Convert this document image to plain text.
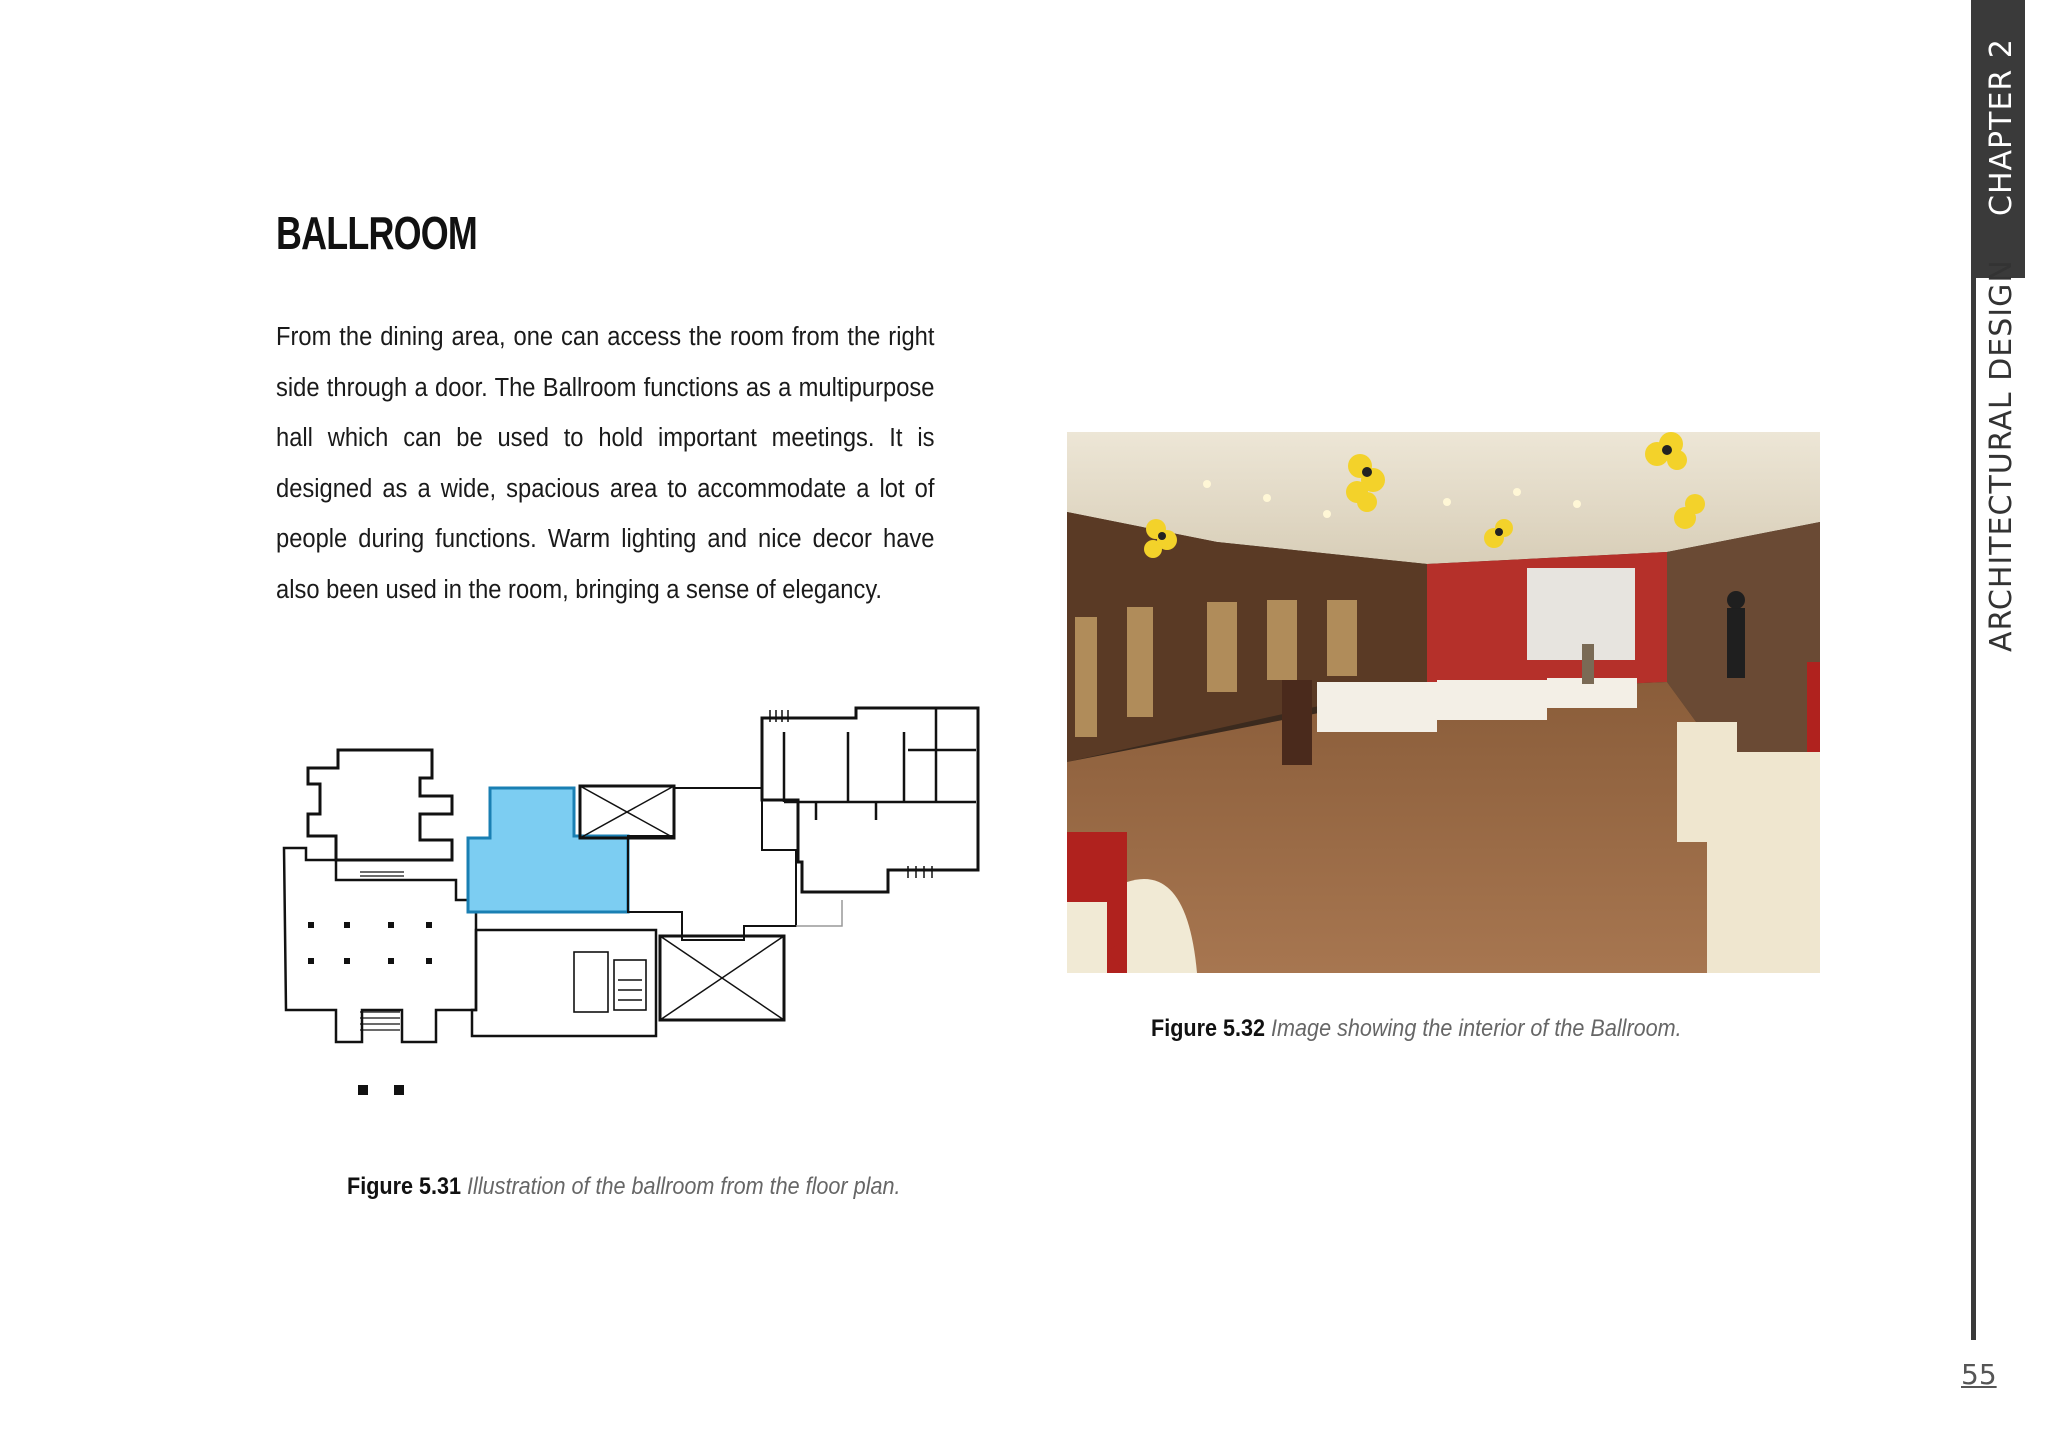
BALLROOM
From the dining area, one can access the room from the right side through a door. The Ballroom functions as a multipurpose hall which can be used to hold important meetings. It is designed as a wide, spacious area to accommodate a lot of people during functions. Warm lighting and nice decor have also been used in the room, bringing a sense of elegancy.
Figure 5.31 Illustration of the ballroom from the floor plan.
Figure 5.32 Image showing the interior of the Ballroom.
CHAPTER 2
ARCHITECTURAL DESIGN
55
